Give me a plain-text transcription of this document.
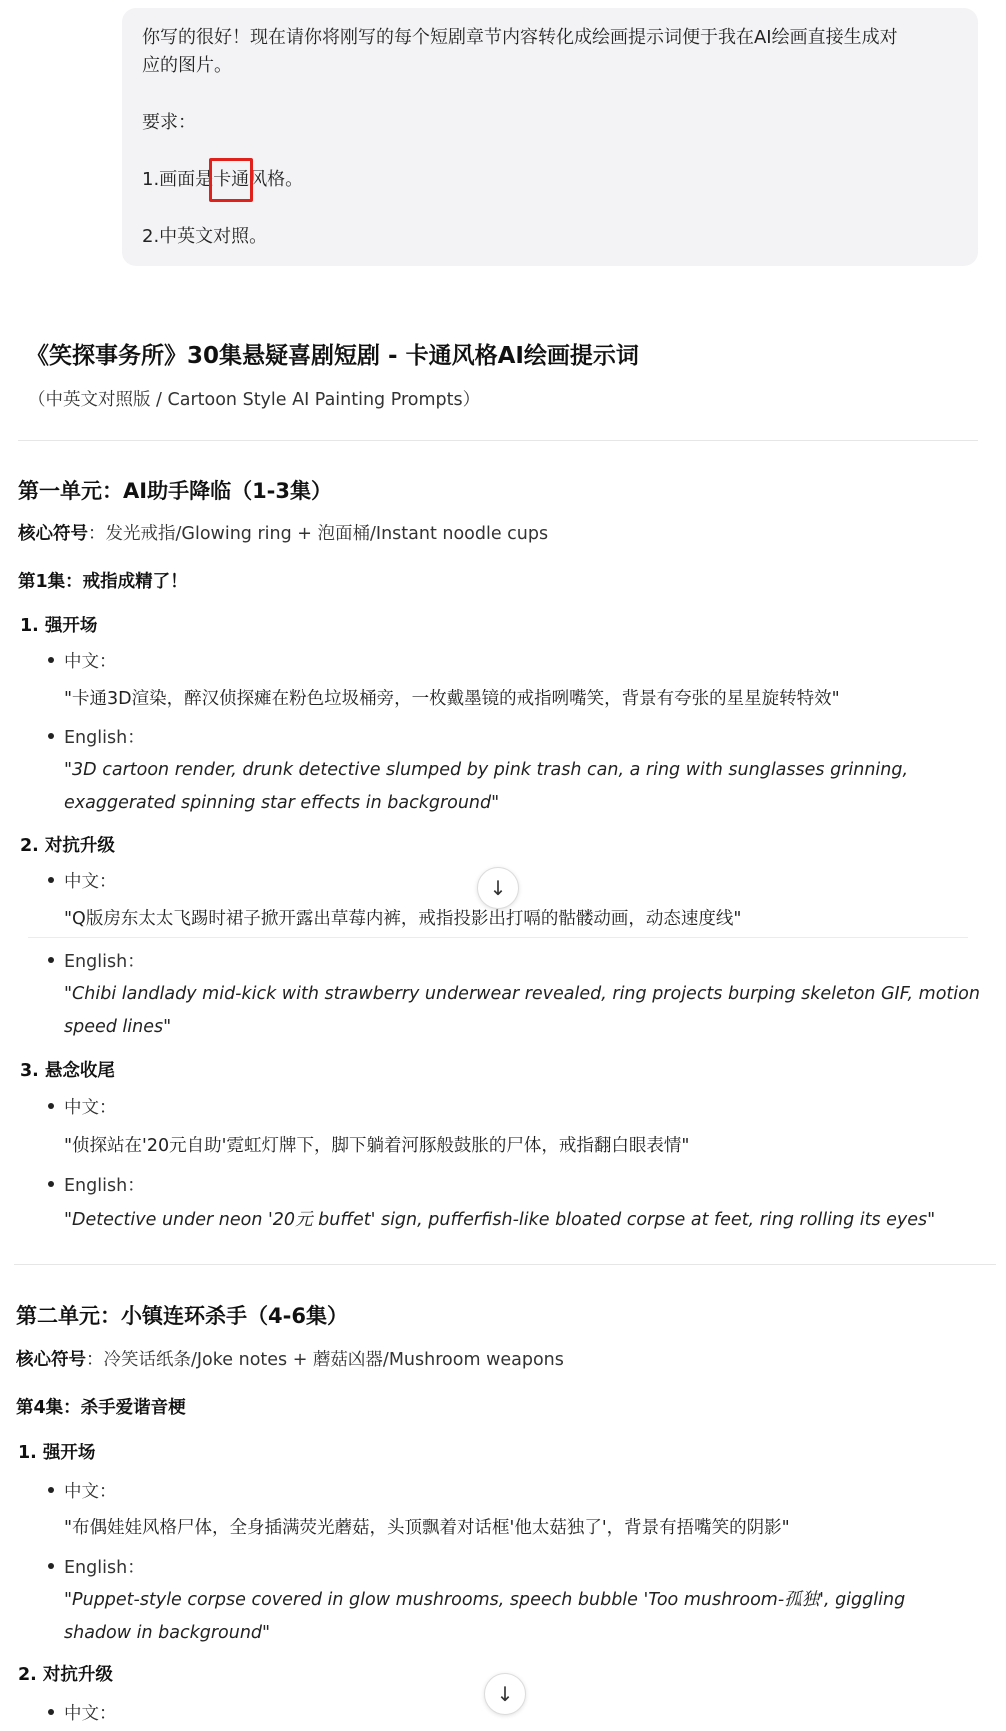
你写的很好！现在请你将刚写的每个短剧章节内容转化成绘画提示词便于我在AI绘画直接生成对

应的图片。

要求：

1.画面是卡通
风格。

2.中英文对照。

《笑探事务所》30集悬疑喜剧短剧 - 卡通风格AI绘画提示词
（中英文对照版 / Cartoon Style AI Painting Prompts）
第一单元：AI助手降临（1-3集）
核心符号：发光戒指/Glowing ring + 泡面桶/Instant noodle cups
第1集：戒指成精了！
1. 强开场
中文：
"卡通3D渲染，醉汉侦探瘫在粉色垃圾桶旁，一枚戴墨镜的戒指咧嘴笑，背景有夸张的星星旋转特效"
English：
"3D cartoon render, drunk detective slumped by pink trash can, a ring with sunglasses grinning, exaggerated spinning star effects in background"
2. 对抗升级
中文：
"Q版房东太太飞踢时裙子掀开露出草莓内裤，戒指投影出打嗝的骷髅动画，动态速度线"
English：
"Chibi landlady mid-kick with strawberry underwear revealed, ring projects burping skeleton GIF, motion speed lines"
3. 悬念收尾
中文：
"侦探站在'20元自助'霓虹灯牌下，脚下躺着河豚般鼓胀的尸体，戒指翻白眼表情"
English：
"Detective under neon '20元 buffet' sign, pufferfish-like bloated corpse at feet, ring rolling its eyes"
第二单元：小镇连环杀手（4-6集）
核心符号：冷笑话纸条/Joke notes + 蘑菇凶器/Mushroom weapons
第4集：杀手爱谐音梗
1. 强开场
中文：
"布偶娃娃风格尸体，全身插满荧光蘑菇，头顶飘着对话框'他太菇独了'，背景有捂嘴笑的阴影"
English：
"Puppet-style corpse covered in glow mushrooms, speech bubble 'Too mushroom-孤独', giggling shadow in background"
2. 对抗升级
中文：
↓
↓
